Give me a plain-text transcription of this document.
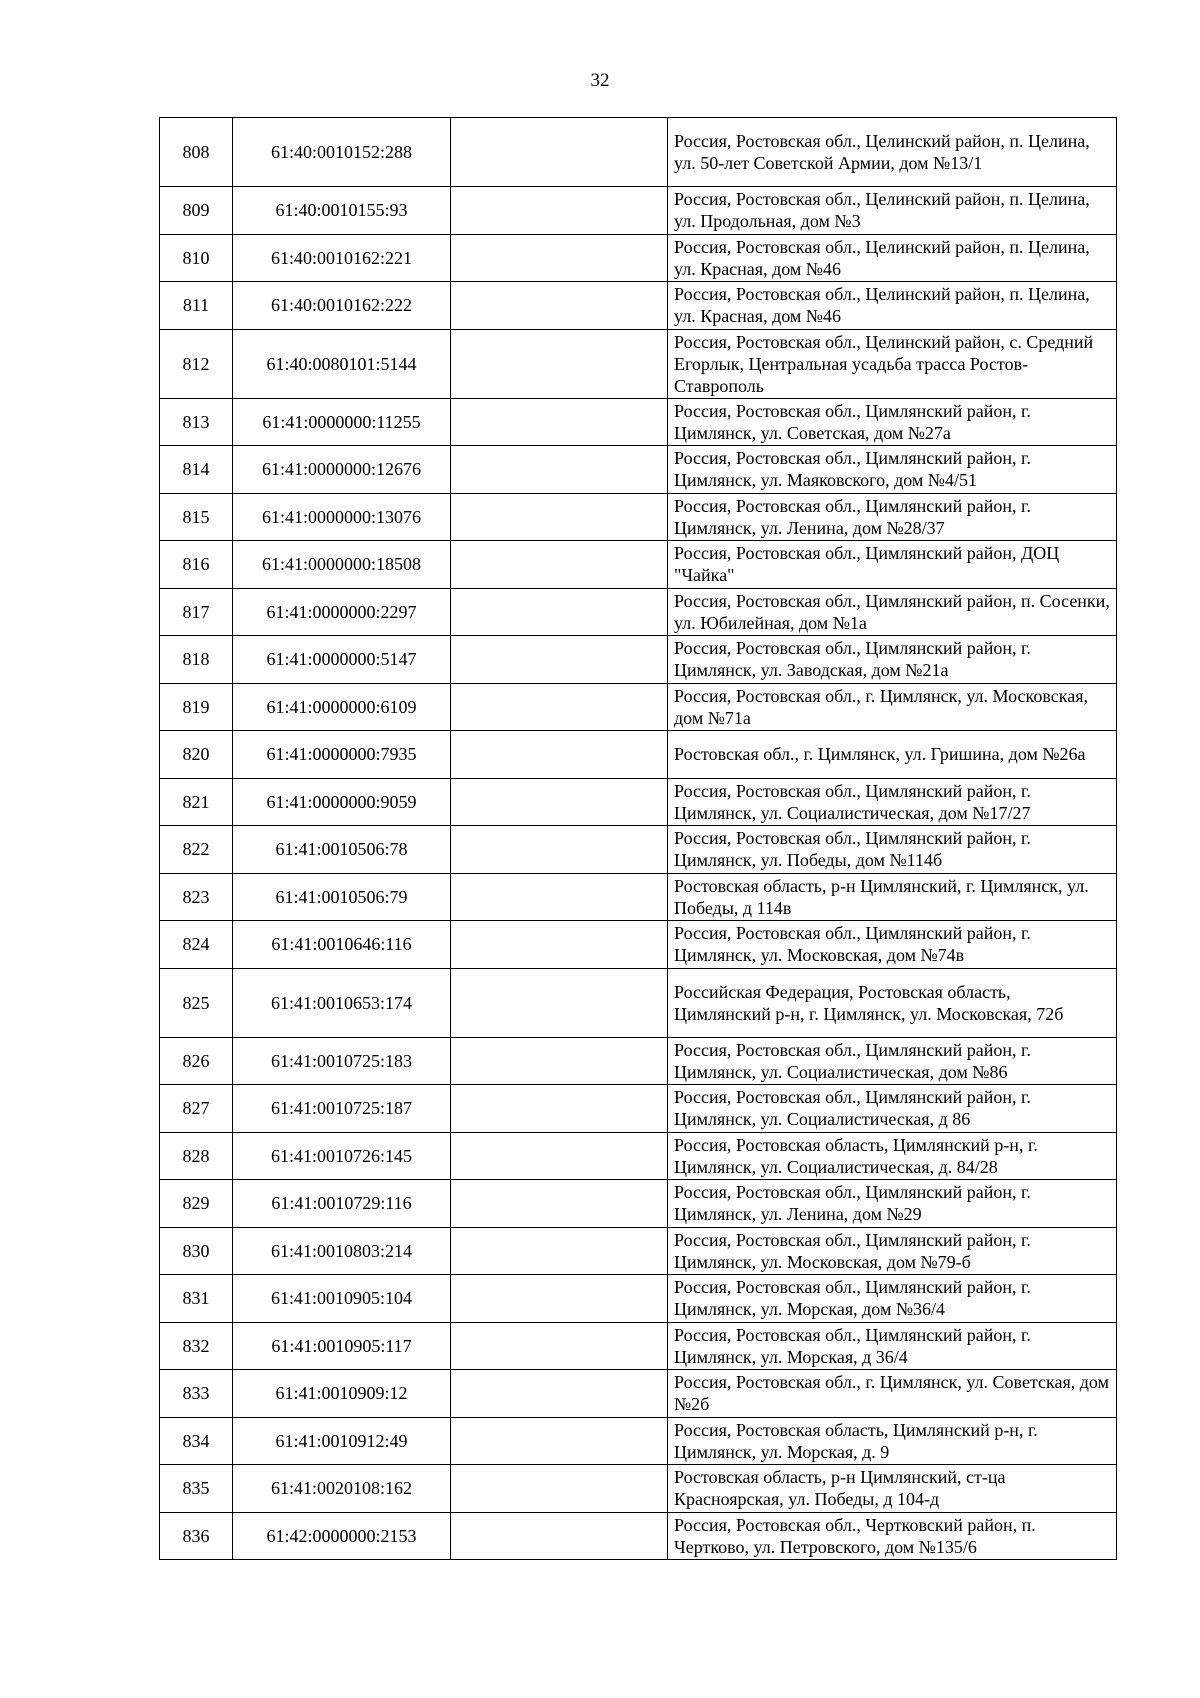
32
808	61:40:0010152:288		Россия, Ростовская обл., Целинский район, п. Целина, ул. 50-лет Советской Армии, дом №13/1
809	61:40:0010155:93		Россия, Ростовская обл., Целинский район, п. Целина, ул. Продольная, дом №3
810	61:40:0010162:221		Россия, Ростовская обл., Целинский район, п. Целина, ул. Красная, дом №46
811	61:40:0010162:222		Россия, Ростовская обл., Целинский район, п. Целина, ул. Красная, дом №46
812	61:40:0080101:5144		Россия, Ростовская обл., Целинский район, с. Средний Егорлык, Центральная усадьба трасса Ростов-Ставрополь
813	61:41:0000000:11255		Россия, Ростовская обл., Цимлянский район, г. Цимлянск, ул. Советская, дом №27а
814	61:41:0000000:12676		Россия, Ростовская обл., Цимлянский район, г. Цимлянск, ул. Маяковского, дом №4/51
815	61:41:0000000:13076		Россия, Ростовская обл., Цимлянский район, г. Цимлянск, ул. Ленина, дом №28/37
816	61:41:0000000:18508		Россия, Ростовская обл., Цимлянский район, ДОЦ "Чайка"
817	61:41:0000000:2297		Россия, Ростовская обл., Цимлянский район, п. Сосенки, ул. Юбилейная, дом №1а
818	61:41:0000000:5147		Россия, Ростовская обл., Цимлянский район, г. Цимлянск, ул. Заводская, дом №21а
819	61:41:0000000:6109		Россия, Ростовская обл., г. Цимлянск, ул. Московская, дом №71а
820	61:41:0000000:7935		Ростовская обл., г. Цимлянск, ул. Гришина, дом №26а
821	61:41:0000000:9059		Россия, Ростовская обл., Цимлянский район, г. Цимлянск, ул. Социалистическая, дом №17/27
822	61:41:0010506:78		Россия, Ростовская обл., Цимлянский район, г. Цимлянск, ул. Победы, дом №114б
823	61:41:0010506:79		Ростовская область, р-н Цимлянский, г. Цимлянск, ул. Победы, д 114в
824	61:41:0010646:116		Россия, Ростовская обл., Цимлянский район, г. Цимлянск, ул. Московская, дом №74в
825	61:41:0010653:174		Российская Федерация, Ростовская область, Цимлянский р-н, г. Цимлянск, ул. Московская, 72б
826	61:41:0010725:183		Россия, Ростовская обл., Цимлянский район, г. Цимлянск, ул. Социалистическая, дом №86
827	61:41:0010725:187		Россия, Ростовская обл., Цимлянский район, г. Цимлянск, ул. Социалистическая, д 86
828	61:41:0010726:145		Россия, Ростовская область, Цимлянский р-н, г. Цимлянск, ул. Социалистическая, д. 84/28
829	61:41:0010729:116		Россия, Ростовская обл., Цимлянский район, г. Цимлянск, ул. Ленина, дом №29
830	61:41:0010803:214		Россия, Ростовская обл., Цимлянский район, г. Цимлянск, ул. Московская, дом №79-б
831	61:41:0010905:104		Россия, Ростовская обл., Цимлянский район, г. Цимлянск, ул. Морская, дом №36/4
832	61:41:0010905:117		Россия, Ростовская обл., Цимлянский район, г. Цимлянск, ул. Морская, д 36/4
833	61:41:0010909:12		Россия, Ростовская обл., г. Цимлянск, ул. Советская, дом №2б
834	61:41:0010912:49		Россия, Ростовская область, Цимлянский р-н, г. Цимлянск, ул. Морская, д. 9
835	61:41:0020108:162		Ростовская область, р-н Цимлянский, ст-ца Красноярская, ул. Победы, д 104-д
836	61:42:0000000:2153		Россия, Ростовская обл., Чертковский район, п. Чертково, ул. Петровского, дом №135/6
